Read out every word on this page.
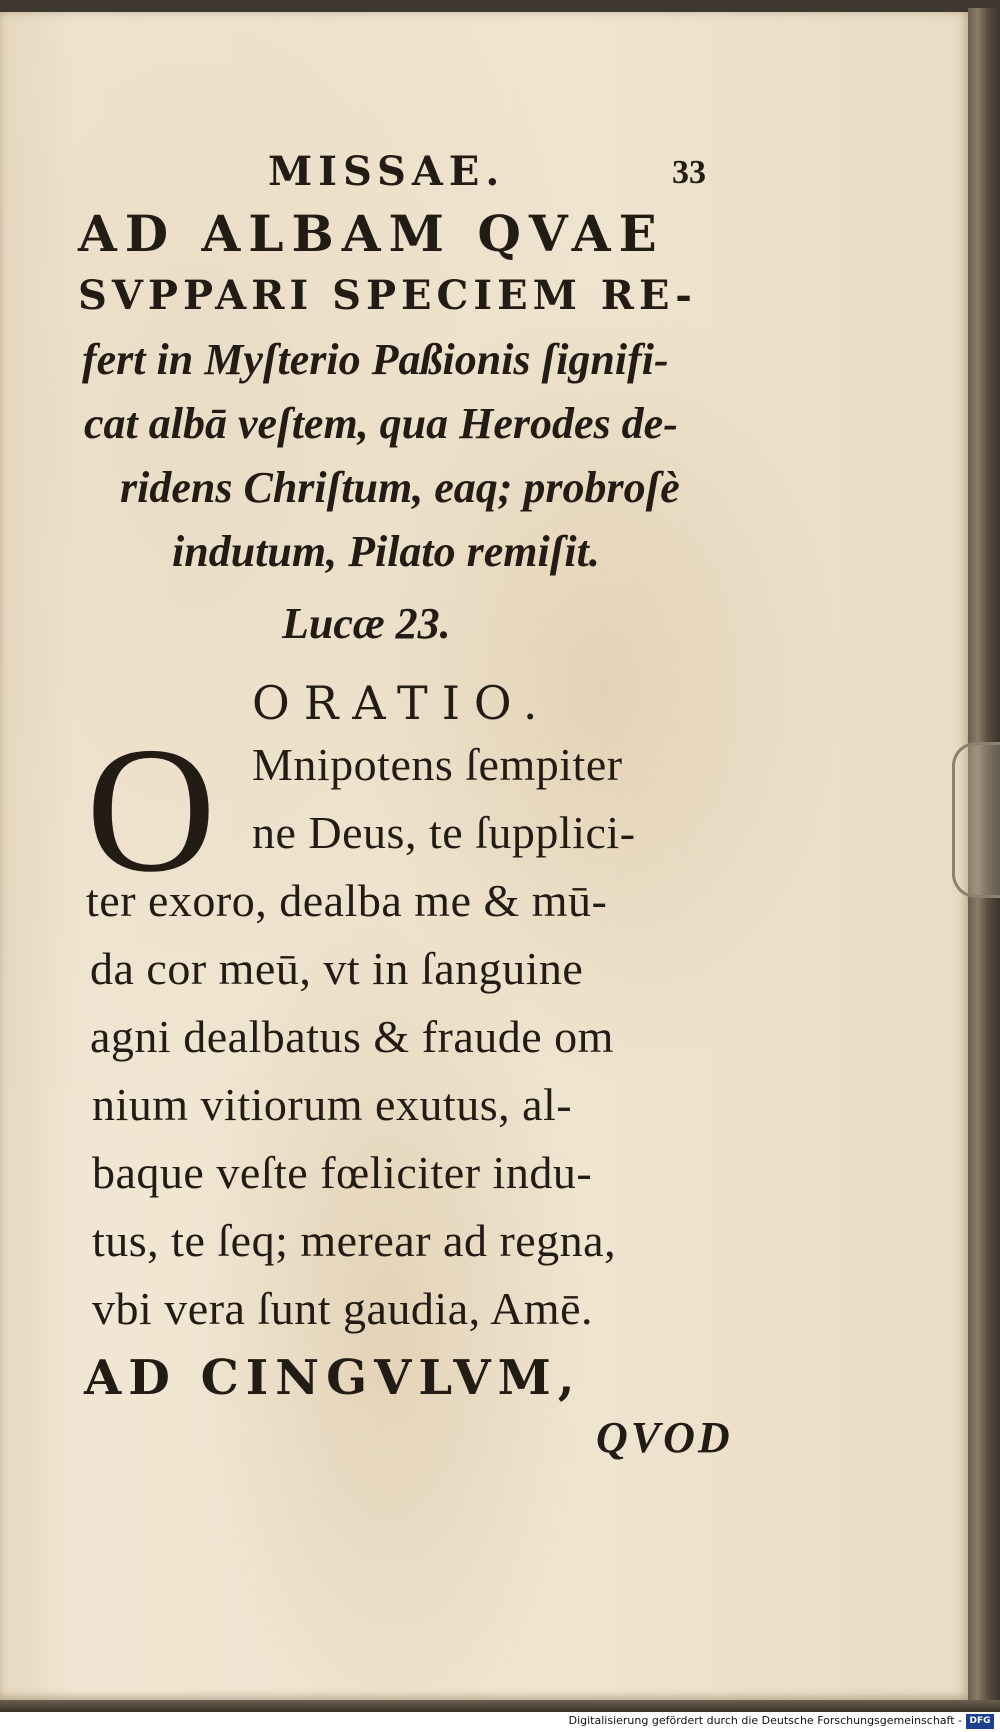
MISSAE.	33
AD ALBAM QVAE
SVPPARI SPECIEM RE-
fert in Myſterio Paßionis ſignifi-
cat albā veſtem, qua Herodes de-
ridens Chriſtum, eaq; probroſè
indutum, Pilato remiſit.
Lucæ 23.
ORATIO.
O Mnipotens ſempiter
ne Deus, te ſupplici-
ter exoro, dealba me & mū-
da cor meū, vt in ſanguine
agni dealbatus & fraude om
nium vitiorum exutus, al-
baque veſte fœliciter indu-
tus, te ſeq; merear ad regna,
vbi vera ſunt gaudia, Amē.
AD CINGVLVM,
QVOD
Digitalisierung gefördert durch die Deutsche Forschungsgemeinschaft - DFG
